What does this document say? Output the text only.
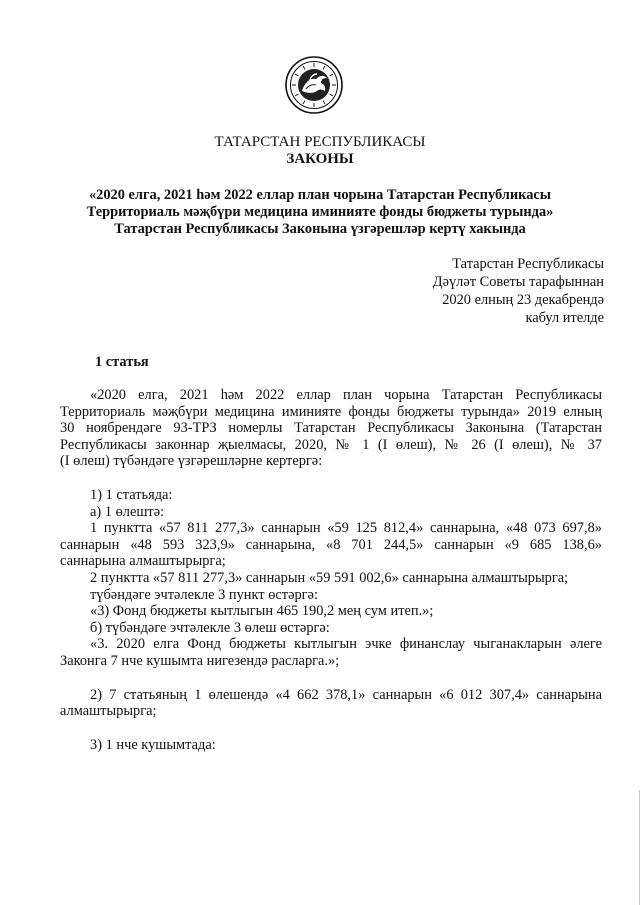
ТАТАРСТАН РЕСПУБЛИКАСЫ
ЗАКОНЫ
«2020 елга, 2021 һәм 2022 еллар план чорына Татарстан Республикасы
Территориаль мәҗбүри медицина иминияте фонды бюджеты турында»
Татарстан Республикасы Законына үзгәрешләр кертү хакында
Татарстан Республикасы
Дәүләт Советы тарафыннан
2020 елның 23 декабрендә
кабул ителде
1 статья
«2020 елга, 2021 һәм 2022 еллар план чорына Татарстан Республикасы
Территориаль мәҗбүри медицина иминияте фонды бюджеты турында» 2019 елның
30 ноябрендәге 93-ТРЗ номерлы Татарстан Республикасы Законына (Татарстан
Республикасы законнар җыелмасы, 2020, № 1 (I өлеш), № 26 (I өлеш), № 37
(I өлеш) түбәндәге үзгәрешләрне кертергә:
1) 1 статьяда:
а) 1 өлештә:
1 пунктта «57 811 277,3» саннарын «59 125 812,4» саннарына, «48 073 697,8»
саннарын «48 593 323,9» саннарына, «8 701 244,5» саннарын «9 685 138,6»
саннарына алмаштырырга;
2 пунктта «57 811 277,3» саннарын «59 591 002,6» саннарына алмаштырырга;
түбәндәге эчтәлекле 3 пункт өстәргә:
«3) Фонд бюджеты кытлыгын 465 190,2 мең сум итеп.»;
б) түбәндәге эчтәлекле 3 өлеш өстәргә:
«3. 2020 елга Фонд бюджеты кытлыгын эчке финанслау чыганакларын әлеге
Законга 7 нче кушымта нигезендә расларга.»;
2) 7 статьяның 1 өлешендә «4 662 378,1» саннарын «6 012 307,4» саннарына
алмаштырырга;
3) 1 нче кушымтада:
